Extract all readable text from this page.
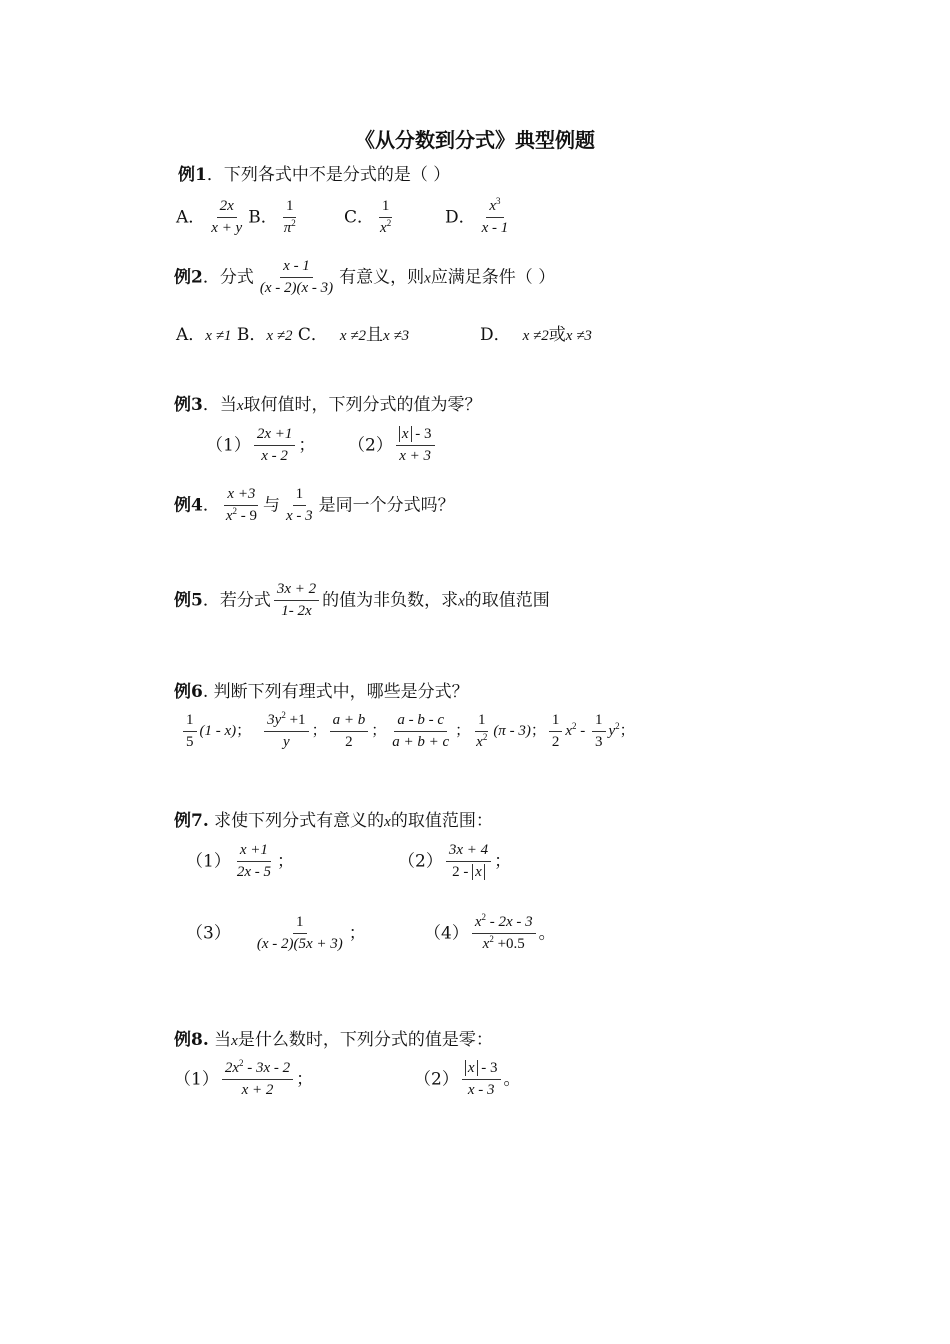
《从分数到分式》典型例题
例1．下列各式中不是分式的是（ ）
A． $\frac{2x}{x + y}$ B． $\frac{1}{\pi^2}$	C． $\frac{1}{x^2}$	D． $\frac{x^3}{x - 1}$
例2．分式 $\frac{x - 1}{(x - 2)(x - 3)}$ 有意义，则x应满足条件（ ）
A．x ≠1 B．x ≠2 C． x ≠2且x ≠3	D． x ≠2或x ≠3
例3．当x取何值时，下列分式的值为零？
$(1) \frac{2x +1}{x - 2}$ ； $(2) \frac{x - 3}{x + 3}$
例4． $\frac{x +3}{x^2 - 9}$ 与 $\frac{1}{x - 3}$ 是同一个分式吗？
例5．若分式 $\frac{3x + 2}{1- 2x}$ 的值为非负数，求x的取值范围
例6. 判断下列有理式中，哪些是分式？
$\frac{1}{5} (1 - x)$； $\frac{3y^2 +1}{y}$ ； $\frac{a + b}{2}$ ； $\frac{a - b - c}{a + b + c}$ ； $\frac{1}{x^2} (\pi - 3)$； $\frac{1}{2} x^2 - \frac{1}{3} y^2$；
例7. 求使下列分式有意义的x的取值范围：
$(1) \frac{x +1}{2x - 5}$ ；	$(2) \frac{3x + 4}{2 - x}$ ；
$(3) \frac{1}{(x - 2)(5x + 3)}$ ；	$(4) \frac{x^2 - 2x - 3}{x^2 +0.5}$ 。
例8. 当x是什么数时，下列分式的值是零：
$(1) \frac{2x^2 - 3x - 2}{x + 2}$ ；	$(2) \frac{x - 3}{x - 3}$ 。
